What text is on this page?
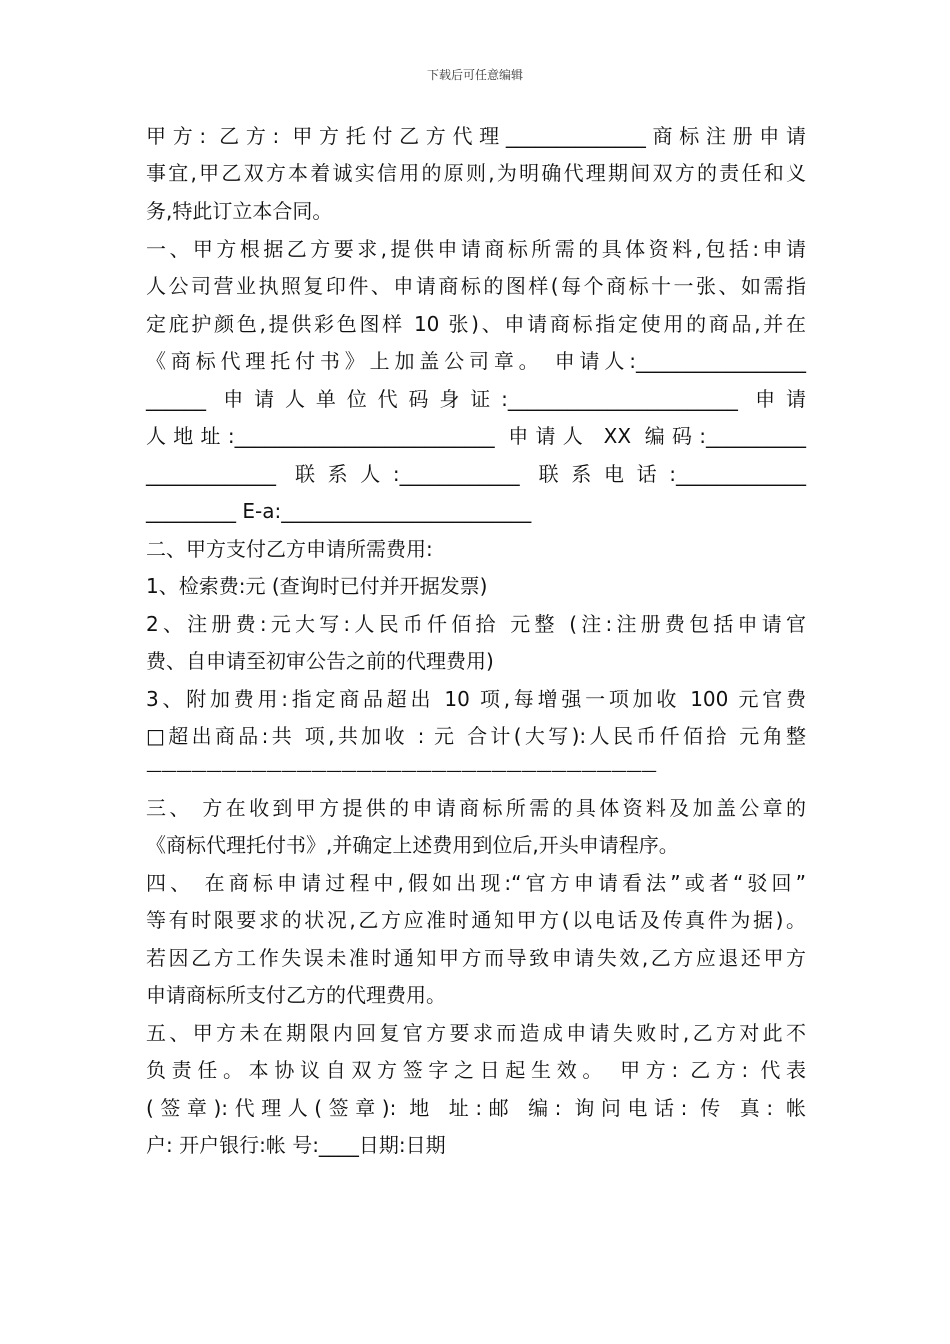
下载后可任意编辑
甲方: 乙方: 甲方托付乙方代理______________商标注册申请
事宜,甲乙双方本着诚实信用的原则,为明确代理期间双方的责任和义
务,特此订立本合同。
一、甲方根据乙方要求,提供申请商标所需的具体资料,包括:申请
人公司营业执照复印件、申请商标的图样(每个商标十一张、如需指
定庇护颜色,提供彩色图样 10 张)、申请商标指定使用的商品,并在
《商标代理托付书》上加盖公司章。 申请人:_________________
______ 申请人单位代码身证:_______________________ 申请
人地址:__________________________ 申请人 XX 编码:__________
_____________ 联系人:____________ 联系电话:_____________
_________ E-a:_________________________
二、甲方支付乙方申请所需费用:
1、检索费:元 (查询时已付并开据发票)
2、注册费:元大写:人民币仟佰拾 元整 (注:注册费包括申请官
费、自申请至初审公告之前的代理费用)
3、附加费用:指定商品超出 10 项,每增强一项加收 100 元官费
□超出商品:共 项,共加收 : 元 合计(大写):人民币仟佰拾 元角整
——————————————————————————————————
三、 方在收到甲方提供的申请商标所需的具体资料及加盖公章的
《商标代理托付书》,并确定上述费用到位后,开头申请程序。
四、 在商标申请过程中,假如出现:“官方申请看法”或者“驳回”
等有时限要求的状况,乙方应准时通知甲方(以电话及传真件为据)。
若因乙方工作失误未准时通知甲方而导致申请失效,乙方应退还甲方
申请商标所支付乙方的代理费用。
五、甲方未在期限内回复官方要求而造成申请失败时,乙方对此不
负责任。本协议自双方签字之日起生效。 甲方: 乙方: 代表
(签章):代理人(签章): 地 址:邮 编: 询问电话: 传 真: 帐
户: 开户银行:帐 号:____日期:日期
